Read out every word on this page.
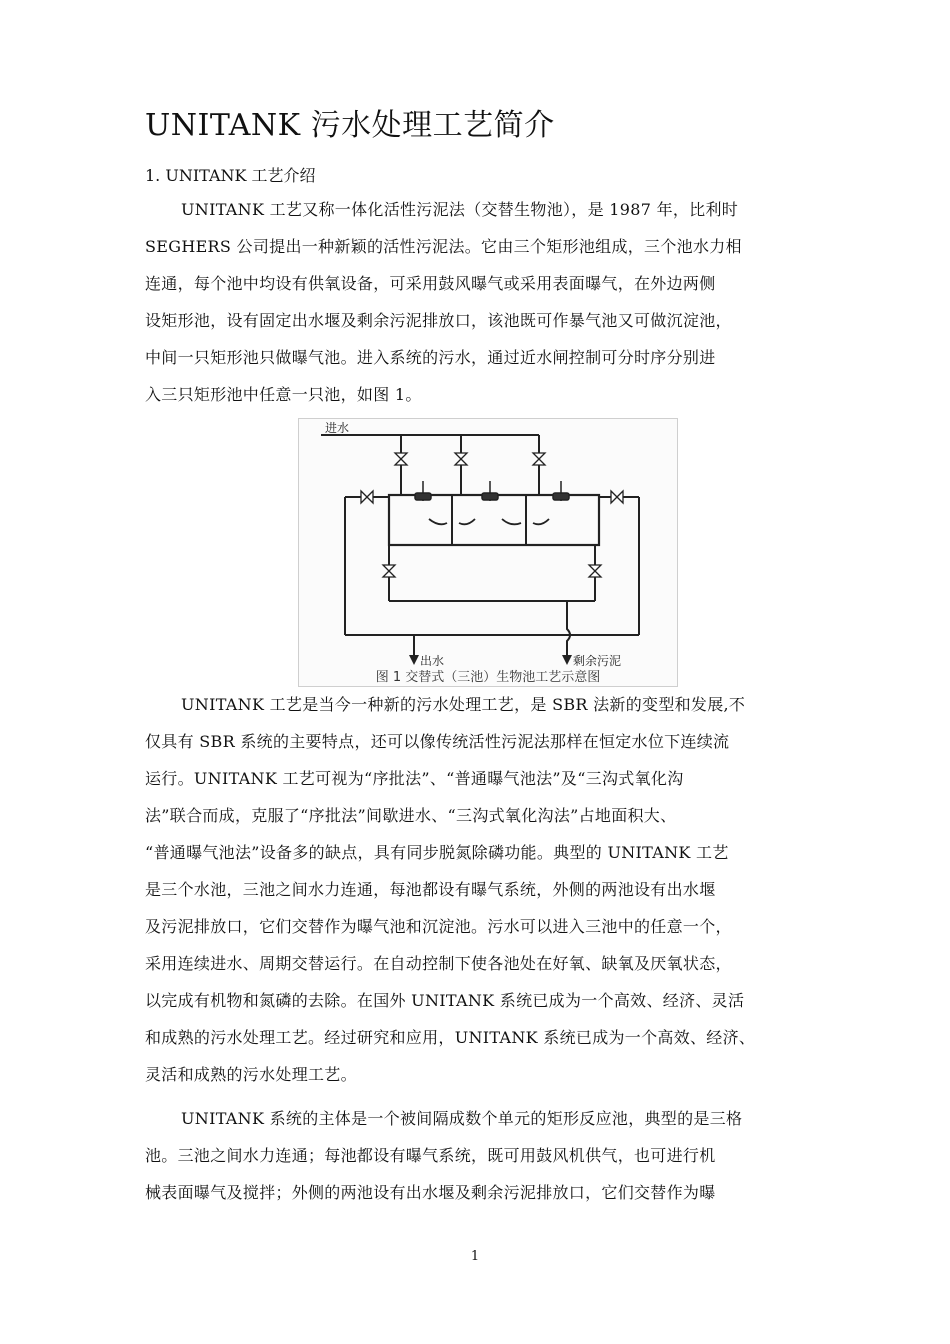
UNITANK 污水处理工艺简介
1. UNITANK 工艺介绍
UNITANK 工艺又称一体化活性污泥法（交替生物池），是 1987 年，比利时
SEGHERS 公司提出一种新颖的活性污泥法。它由三个矩形池组成，三个池水力相
连通，每个池中均设有供氧设备，可采用鼓风曝气或采用表面曝气，在外边两侧
设矩形池，设有固定出水堰及剩余污泥排放口，该池既可作暴气池又可做沉淀池，
中间一只矩形池只做曝气池。进入系统的污水，通过近水闸控制可分时序分别进
入三只矩形池中任意一只池，如图 1。
进水
出水	剩余污泥
图 1 交替式（三池）生物池工艺示意图
UNITANK 工艺是当今一种新的污水处理工艺，是 SBR 法新的变型和发展,不
仅具有 SBR 系统的主要特点，还可以像传统活性污泥法那样在恒定水位下连续流
运行。UNITANK 工艺可视为“序批法”、“普通曝气池法”及“三沟式氧化沟
法”联合而成，克服了“序批法”间歇进水、“三沟式氧化沟法”占地面积大、
“普通曝气池法”设备多的缺点，具有同步脱氮除磷功能。典型的 UNITANK 工艺
是三个水池，三池之间水力连通，每池都设有曝气系统，外侧的两池设有出水堰
及污泥排放口，它们交替作为曝气池和沉淀池。污水可以进入三池中的任意一个，
采用连续进水、周期交替运行。在自动控制下使各池处在好氧、缺氧及厌氧状态，
以完成有机物和氮磷的去除。在国外 UNITANK 系统已成为一个高效、经济、灵活
和成熟的污水处理工艺。经过研究和应用，UNITANK 系统已成为一个高效、经济、
灵活和成熟的污水处理工艺。
UNITANK 系统的主体是一个被间隔成数个单元的矩形反应池，典型的是三格
池。三池之间水力连通；每池都设有曝气系统，既可用鼓风机供气，也可进行机
械表面曝气及搅拌；外侧的两池设有出水堰及剩余污泥排放口，它们交替作为曝
1
